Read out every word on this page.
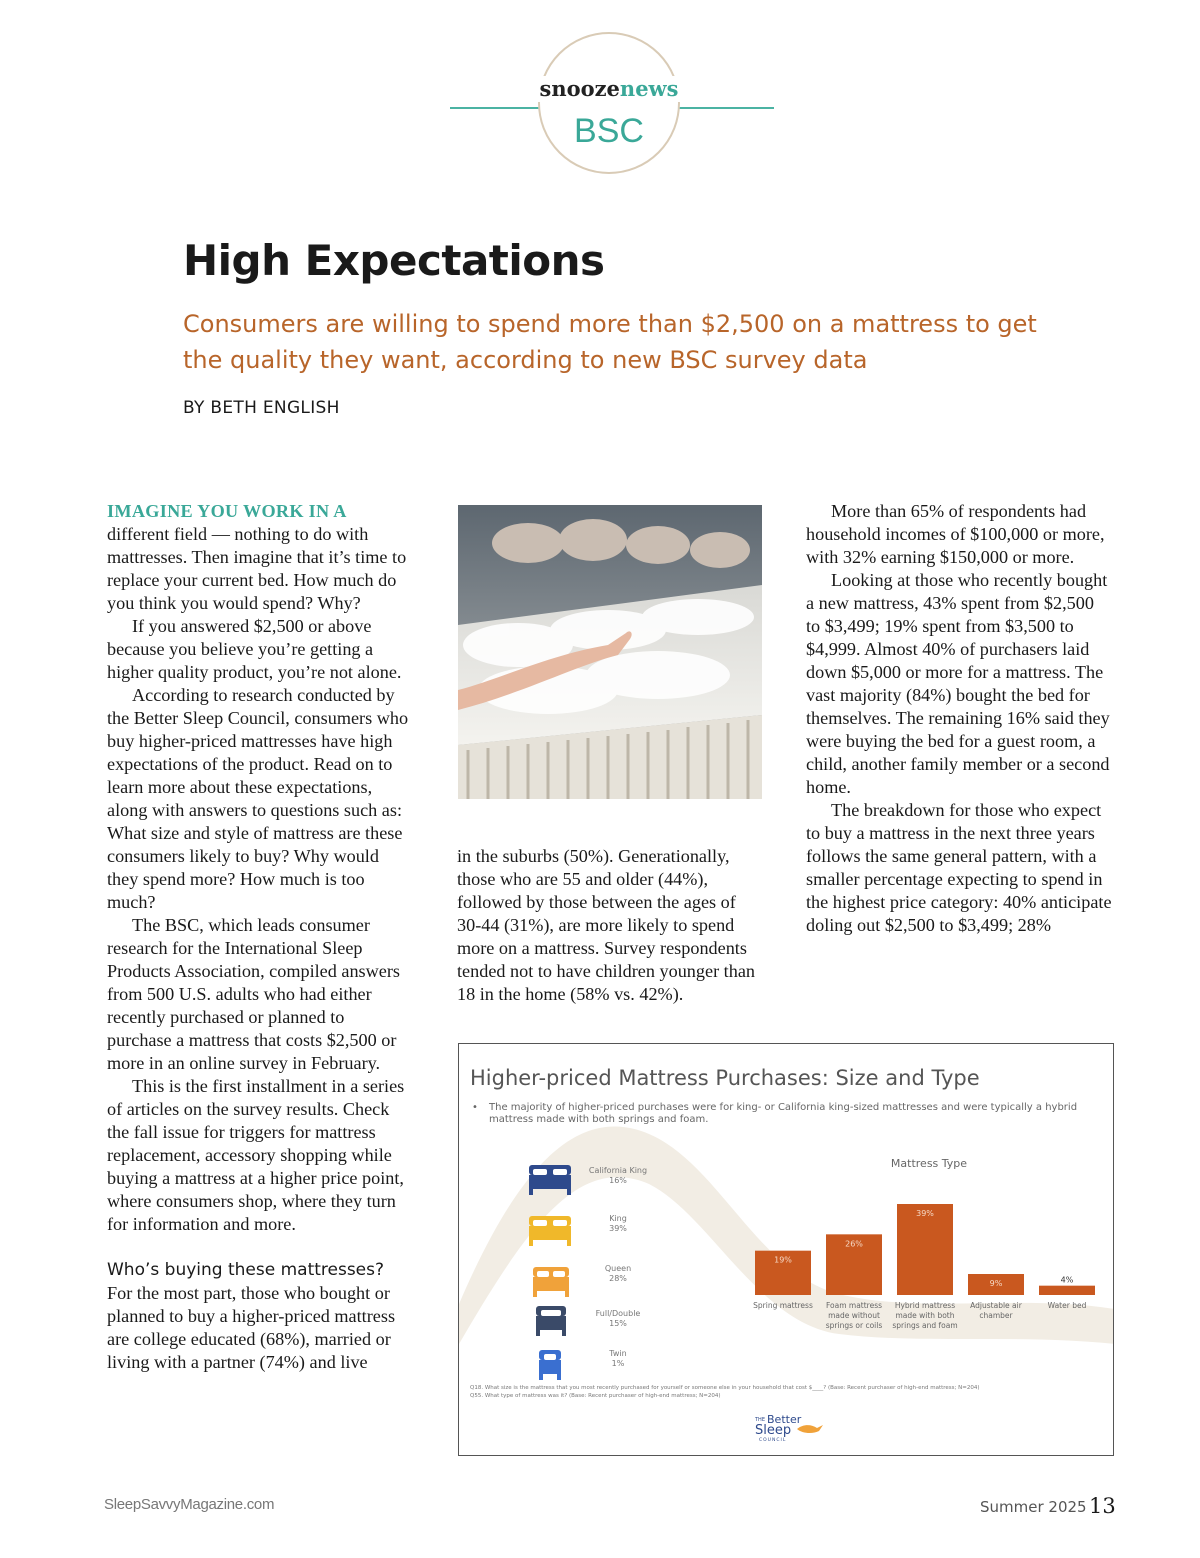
snoozenews
BSC
High Expectations

Consumers are willing to spend more than $2,500 on a mattress to get the quality they want, according to new BSC survey data

BY BETH ENGLISH

IMAGINE YOU WORK IN A
different field — nothing to do with mattresses. Then imagine that it’s time to replace your current bed. How much do you think you would spend? Why?

If you answered $2,500 or above because you believe you’re getting a higher quality product, you’re not alone.

According to research conducted by the Better Sleep Council, consumers who buy higher-priced mattresses have high expectations of the product. Read on to learn more about these expectations, along with answers to questions such as: What size and style of mattress are these consumers likely to buy? Why would they spend more? How much is too much?

The BSC, which leads consumer research for the International Sleep Products Association, compiled answers from 500 U.S. adults who had either recently purchased or planned to purchase a mattress that costs $2,500 or more in an online survey in February.

This is the first installment in a series of articles on the survey results. Check the fall issue for triggers for mattress replacement, accessory shopping while buying a mattress at a higher price point, where consumers shop, where they turn for information and more.

Who’s buying these mattresses?

For the most part, those who bought or planned to buy a higher-priced mattress are college educated (68%), married or living with a partner (74%) and live

in the suburbs (50%). Generationally, those who are 55 and older (44%), followed by those between the ages of 30-44 (31%), are more likely to spend more on a mattress. Survey respondents tended not to have children younger than 18 in the home (58% vs. 42%).

More than 65% of respondents had household incomes of $100,000 or more, with 32% earning $150,000 or more.

Looking at those who recently bought a new mattress, 43% spent from $2,500 to $3,499; 19% spent from $3,500 to $4,999. Almost 40% of purchasers laid down $5,000 or more for a mattress. The vast majority (84%) bought the bed for themselves. The remaining 16% said they were buying the bed for a guest room, a child, another family member or a second home.

The breakdown for those who expect to buy a mattress in the next three years follows the same general pattern, with a smaller percentage expecting to spend in the highest price category: 40% anticipate doling out $2,500 to $3,499; 28%

Higher-priced Mattress Purchases: Size and Type
• The majority of higher-priced purchases were for king- or California king-sized mattresses and were typically a hybrid mattress made with both springs and foam.
California King
16%
King
39%
Queen
28%
Full/Double
15%
Twin
1%
Mattress Type
19%
Spring mattress
26%
Foam mattress made without springs or coils
39%
Hybrid mattress made with both springs and foam
9%
Adjustable air chamber
4%
Water bed
Q18. What size is the mattress that you most recently purchased for yourself or someone else in your household that cost $____? (Base: Recent purchaser of high-end mattress; N=204)
Q55. What type of mattress was it? (Base: Recent purchaser of high-end mattress; N=204)
THE Better
Sleep
COUNCIL
SleepSavvyMagazine.com	Summer 2025 13
